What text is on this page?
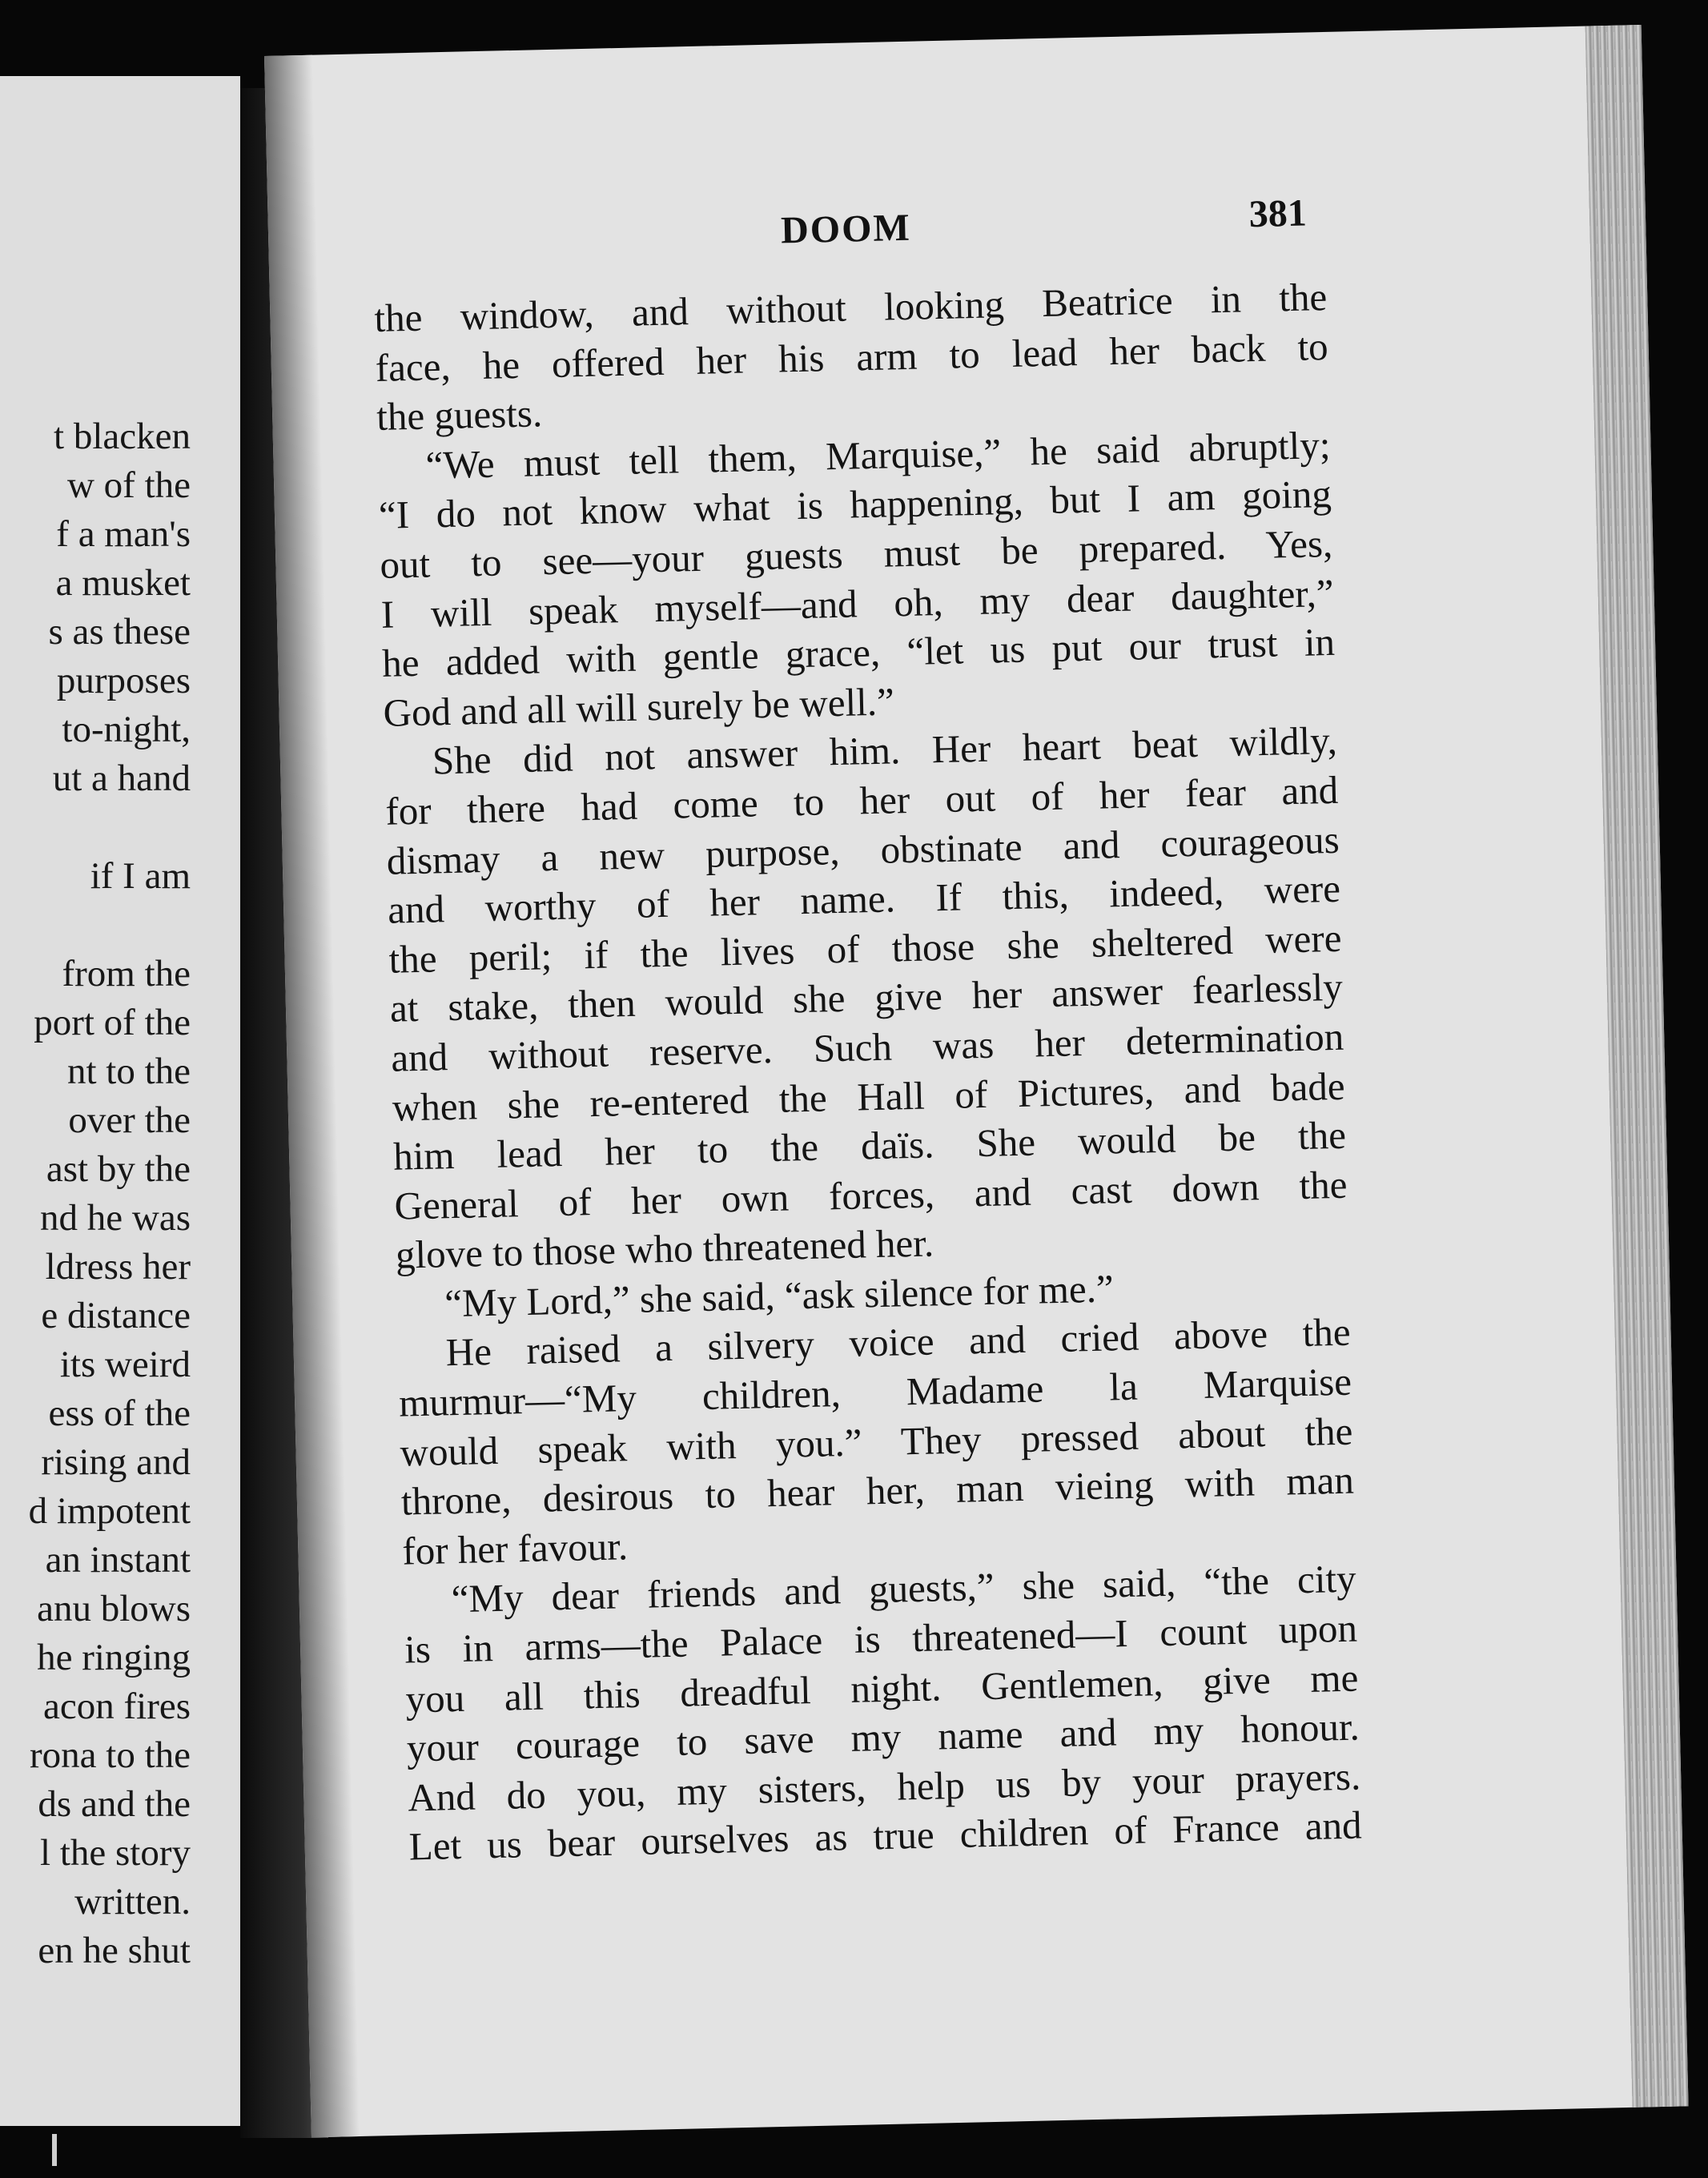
t blacken
w of the
f a man's
a musket
s as these
purposes
to-night,
ut a hand
if I am
from the
port of the
nt to the
over the
ast by the
nd he was
ldress her
e distance
its weird
ess of the
rising and
d impotent
an instant
anu blows
he ringing
acon fires
rona to the
ds and the
l the story
written.
en he shut
DOOM	381
the window, and without looking Beatrice in the
face, he offered her his arm to lead her back to
the guests.
“We must tell them, Marquise,” he said abruptly;
“I do not know what is happening, but I am going
out to see—your guests must be prepared. Yes,
I will speak myself—and oh, my dear daughter,”
he added with gentle grace, “let us put our trust in
God and all will surely be well.”
She did not answer him. Her heart beat wildly,
for there had come to her out of her fear and
dismay a new purpose, obstinate and courageous
and worthy of her name. If this, indeed, were
the peril; if the lives of those she sheltered were
at stake, then would she give her answer fearlessly
and without reserve. Such was her determination
when she re-entered the Hall of Pictures, and bade
him lead her to the daïs. She would be the
General of her own forces, and cast down the
glove to those who threatened her.
“My Lord,” she said, “ask silence for me.”
He raised a silvery voice and cried above the
murmur—“My children, Madame la Marquise
would speak with you.” They pressed about the
throne, desirous to hear her, man vieing with man
for her favour.
“My dear friends and guests,” she said, “the city
is in arms—the Palace is threatened—I count upon
you all this dreadful night. Gentlemen, give me
your courage to save my name and my honour.
And do you, my sisters, help us by your prayers.
Let us bear ourselves as true children of France and
